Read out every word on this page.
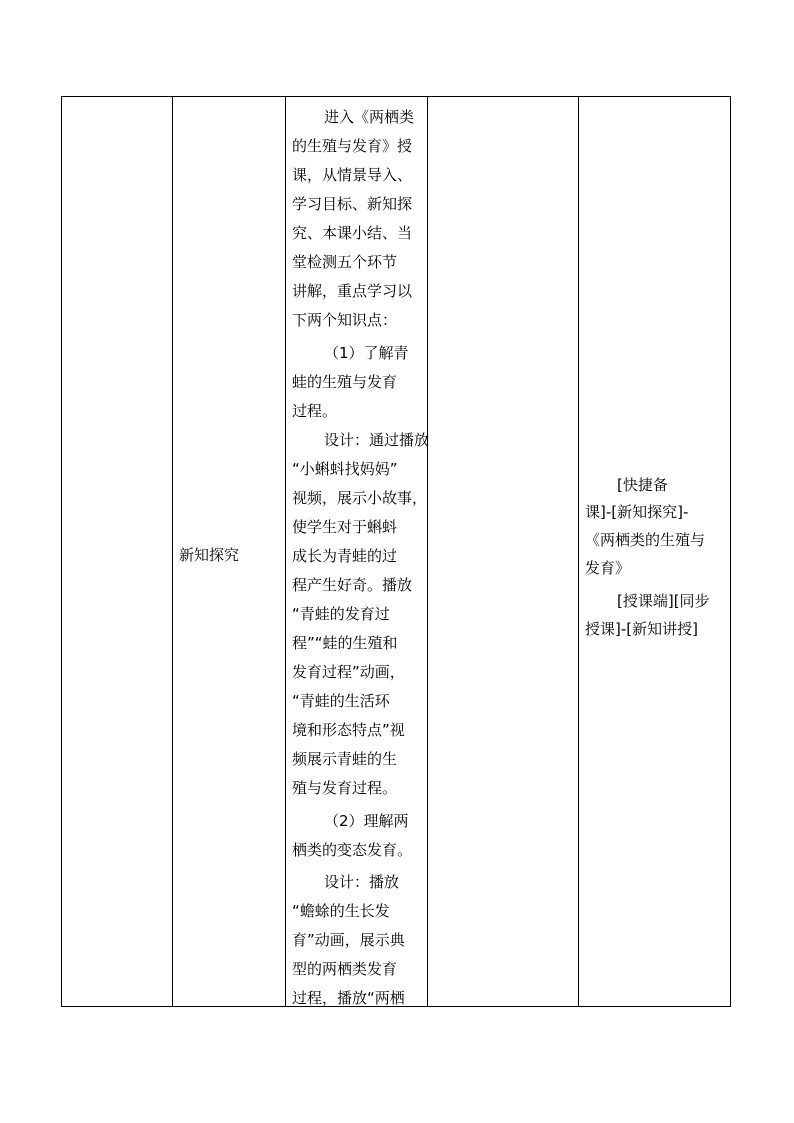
新知探究
进入《两栖类
的生殖与发育》授
课，从情景导入、
学习目标、新知探
究、本课小结、当
堂检测五个环节
讲解，重点学习以
下两个知识点：
（1）了解青
蛙的生殖与发育
过程。
设计：通过播放
“小蝌蚪找妈妈”
视频，展示小故事，
使学生对于蝌蚪
成长为青蛙的过
程产生好奇。播放
“青蛙的发育过
程”“蛙的生殖和
发育过程”动画，
“青蛙的生活环
境和形态特点”视
频展示青蛙的生
殖与发育过程。
（2）理解两
栖类的变态发育。
设计：播放
“蟾蜍的生长发
育”动画，展示典
型的两栖类发育
过程，播放“两栖
[快捷备
课]-[新知探究]-
《两栖类的生殖与
发育》
[授课端][同步
授课]-[新知讲授]
